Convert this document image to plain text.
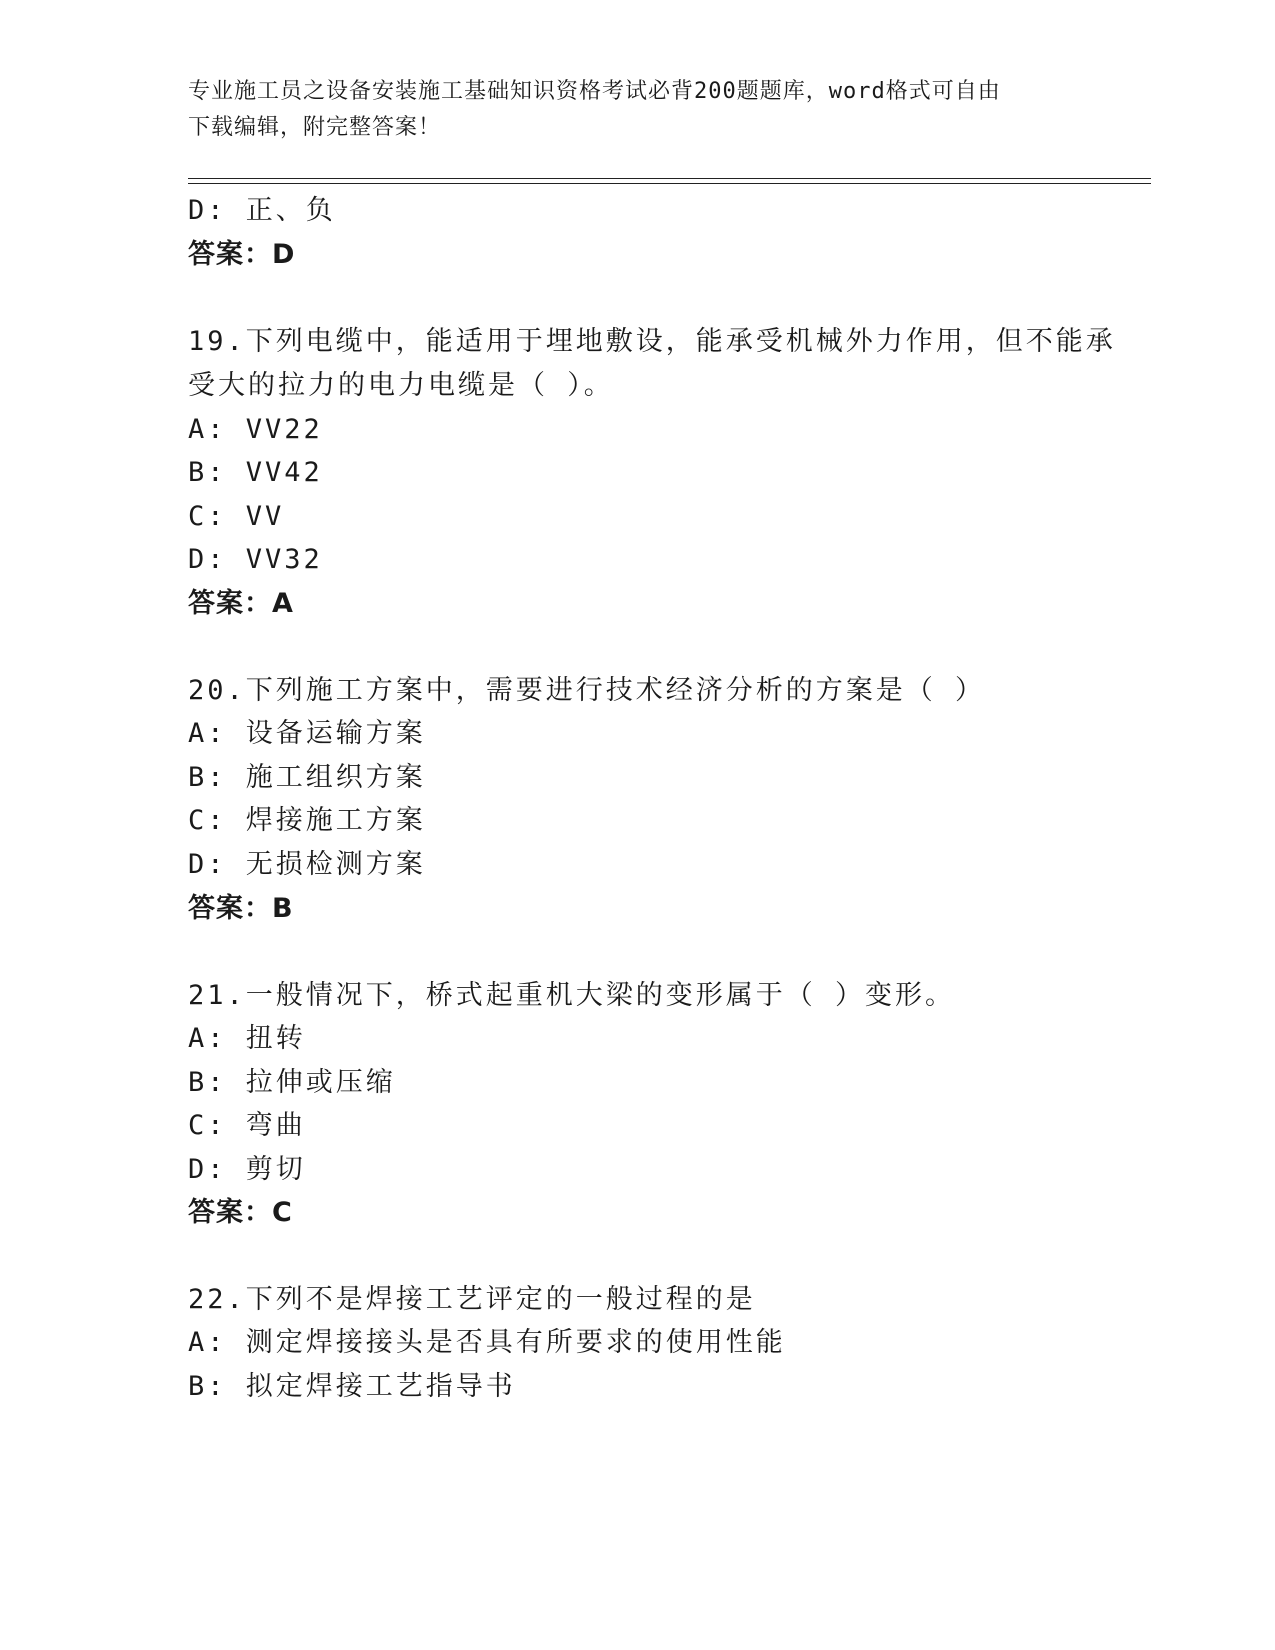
专业施工员之设备安装施工基础知识资格考试必背200题题库，word格式可自由
下载编辑，附完整答案！
D: 正、负
答案：D
19.下列电缆中，能适用于埋地敷设，能承受机械外力作用，但不能承
受大的拉力的电力电缆是（ ）。
A: VV22
B: VV42
C: VV
D: VV32
答案：A
20.下列施工方案中，需要进行技术经济分析的方案是（ ）
A: 设备运输方案
B: 施工组织方案
C: 焊接施工方案
D: 无损检测方案
答案：B
21.一般情况下，桥式起重机大梁的变形属于（ ）变形。
A: 扭转
B: 拉伸或压缩
C: 弯曲
D: 剪切
答案：C
22.下列不是焊接工艺评定的一般过程的是
A: 测定焊接接头是否具有所要求的使用性能
B: 拟定焊接工艺指导书
